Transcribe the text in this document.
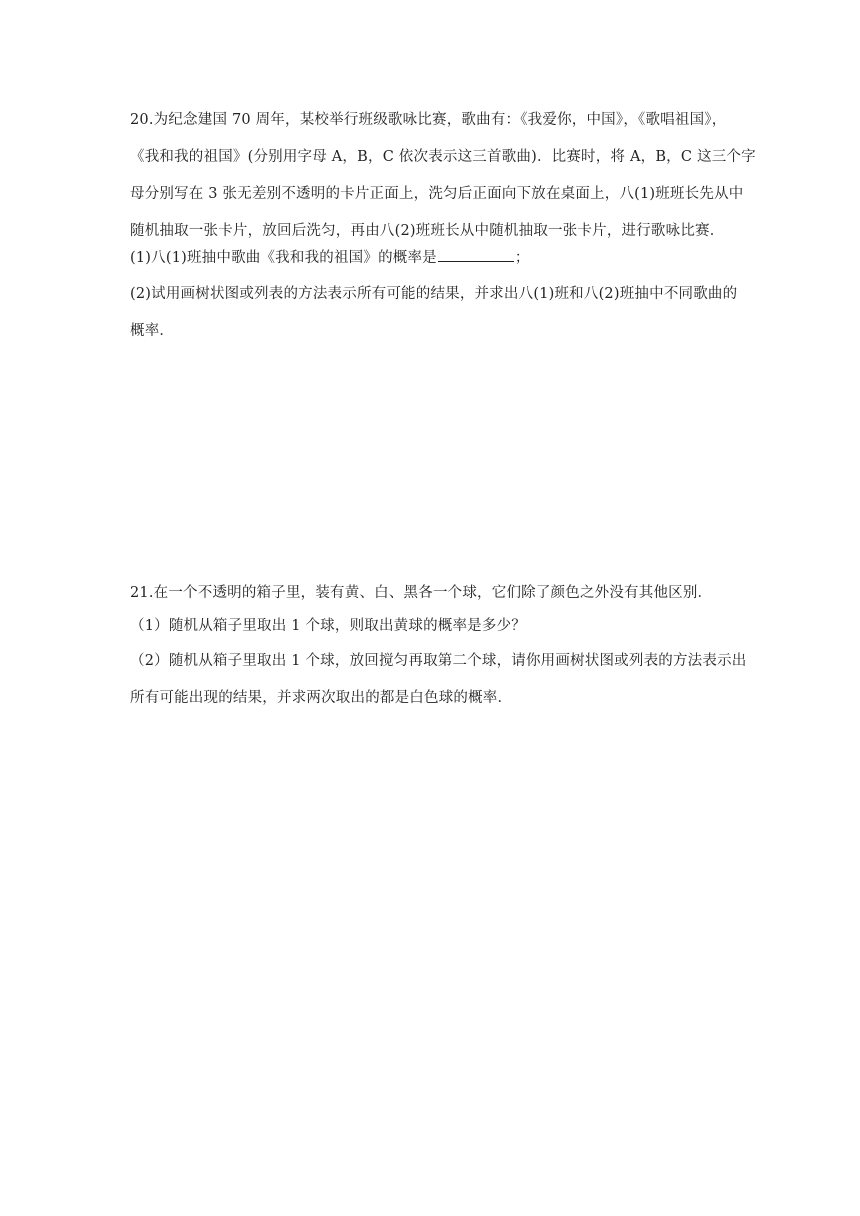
20.为纪念建国 70 周年，某校举行班级歌咏比赛，歌曲有：《我爱你，中国》，《歌唱祖国》，
《我和我的祖国》(分别用字母 A，B，C 依次表示这三首歌曲)．比赛时，将 A，B，C 这三个字
母分别写在 3 张无差别不透明的卡片正面上，洗匀后正面向下放在桌面上，八(1)班班长先从中
随机抽取一张卡片，放回后洗匀，再由八(2)班班长从中随机抽取一张卡片，进行歌咏比赛．
(1)八(1)班抽中歌曲《我和我的祖国》的概率是	；
(2)试用画树状图或列表的方法表示所有可能的结果，并求出八(1)班和八(2)班抽中不同歌曲的
概率．
21.在一个不透明的箱子里，装有黄、白、黑各一个球，它们除了颜色之外没有其他区别．
（1）随机从箱子里取出 1 个球，则取出黄球的概率是多少？
（2）随机从箱子里取出 1 个球，放回搅匀再取第二个球，请你用画树状图或列表的方法表示出
所有可能出现的结果，并求两次取出的都是白色球的概率．
